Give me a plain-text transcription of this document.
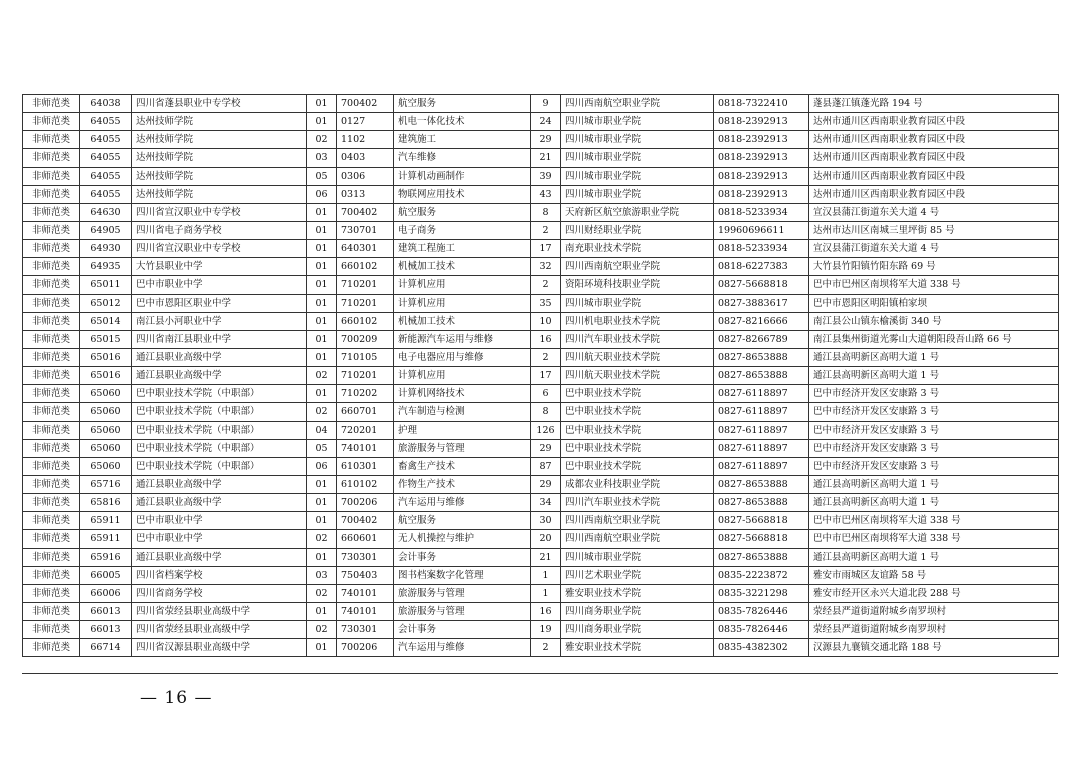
非师范类	64038	四川省蓬县职业中专学校	01	700402	航空服务	9	四川西南航空职业学院	0818-7322410	蓬县蓬江镇蓬光路 194 号
非师范类	64055	达州技师学院	01	0127	机电一体化技术	24	四川城市职业学院	0818-2392913	达州市通川区西南职业教育园区中段
非师范类	64055	达州技师学院	02	1102	建筑施工	29	四川城市职业学院	0818-2392913	达州市通川区西南职业教育园区中段
非师范类	64055	达州技师学院	03	0403	汽车维修	21	四川城市职业学院	0818-2392913	达州市通川区西南职业教育园区中段
非师范类	64055	达州技师学院	05	0306	计算机动画制作	39	四川城市职业学院	0818-2392913	达州市通川区西南职业教育园区中段
非师范类	64055	达州技师学院	06	0313	物联网应用技术	43	四川城市职业学院	0818-2392913	达州市通川区西南职业教育园区中段
非师范类	64630	四川省宣汉职业中专学校	01	700402	航空服务	8	天府新区航空旅游职业学院	0818-5233934	宣汉县蒲江街道东关大道 4 号
非师范类	64905	四川省电子商务学校	01	730701	电子商务	2	四川财经职业学院	19960696611	达州市达川区南城三里坪街 85 号
非师范类	64930	四川省宣汉职业中专学校	01	640301	建筑工程施工	17	南充职业技术学院	0818-5233934	宣汉县蒲江街道东关大道 4 号
非师范类	64935	大竹县职业中学	01	660102	机械加工技术	32	四川西南航空职业学院	0818-6227383	大竹县竹阳镇竹阳东路 69 号
非师范类	65011	巴中市职业中学	01	710201	计算机应用	2	资阳环境科技职业学院	0827-5668818	巴中市巴州区南坝将军大道 338 号
非师范类	65012	巴中市恩阳区职业中学	01	710201	计算机应用	35	四川城市职业学院	0827-3883617	巴中市恩阳区明阳镇柏家坝
非师范类	65014	南江县小河职业中学	01	660102	机械加工技术	10	四川机电职业技术学院	0827-8216666	南江县公山镇东榆溪街 340 号
非师范类	65015	四川省南江县职业中学	01	700209	新能源汽车运用与维修	16	四川汽车职业技术学院	0827-8266789	南江县集州街道光雾山大道朝阳段吾山路 66 号
非师范类	65016	通江县职业高级中学	01	710105	电子电器应用与维修	2	四川航天职业技术学院	0827-8653888	通江县高明新区高明大道 1 号
非师范类	65016	通江县职业高级中学	02	710201	计算机应用	17	四川航天职业技术学院	0827-8653888	通江县高明新区高明大道 1 号
非师范类	65060	巴中职业技术学院（中职部）	01	710202	计算机网络技术	6	巴中职业技术学院	0827-6118897	巴中市经济开发区安康路 3 号
非师范类	65060	巴中职业技术学院（中职部）	02	660701	汽车制造与检测	8	巴中职业技术学院	0827-6118897	巴中市经济开发区安康路 3 号
非师范类	65060	巴中职业技术学院（中职部）	04	720201	护理	126	巴中职业技术学院	0827-6118897	巴中市经济开发区安康路 3 号
非师范类	65060	巴中职业技术学院（中职部）	05	740101	旅游服务与管理	29	巴中职业技术学院	0827-6118897	巴中市经济开发区安康路 3 号
非师范类	65060	巴中职业技术学院（中职部）	06	610301	畜禽生产技术	87	巴中职业技术学院	0827-6118897	巴中市经济开发区安康路 3 号
非师范类	65716	通江县职业高级中学	01	610102	作物生产技术	29	成都农业科技职业学院	0827-8653888	通江县高明新区高明大道 1 号
非师范类	65816	通江县职业高级中学	01	700206	汽车运用与维修	34	四川汽车职业技术学院	0827-8653888	通江县高明新区高明大道 1 号
非师范类	65911	巴中市职业中学	01	700402	航空服务	30	四川西南航空职业学院	0827-5668818	巴中市巴州区南坝将军大道 338 号
非师范类	65911	巴中市职业中学	02	660601	无人机操控与维护	20	四川西南航空职业学院	0827-5668818	巴中市巴州区南坝将军大道 338 号
非师范类	65916	通江县职业高级中学	01	730301	会计事务	21	四川城市职业学院	0827-8653888	通江县高明新区高明大道 1 号
非师范类	66005	四川省档案学校	03	750403	图书档案数字化管理	1	四川艺术职业学院	0835-2223872	雅安市雨城区友谊路 58 号
非师范类	66006	四川省商务学校	02	740101	旅游服务与管理	1	雅安职业技术学院	0835-3221298	雅安市经开区永兴大道北段 288 号
非师范类	66013	四川省荥经县职业高级中学	01	740101	旅游服务与管理	16	四川商务职业学院	0835-7826446	荥经县严道街道附城乡南罗坝村
非师范类	66013	四川省荥经县职业高级中学	02	730301	会计事务	19	四川商务职业学院	0835-7826446	荥经县严道街道附城乡南罗坝村
非师范类	66714	四川省汉源县职业高级中学	01	700206	汽车运用与维修	2	雅安职业技术学院	0835-4382302	汉源县九襄镇交通北路 188 号
— 16 —
